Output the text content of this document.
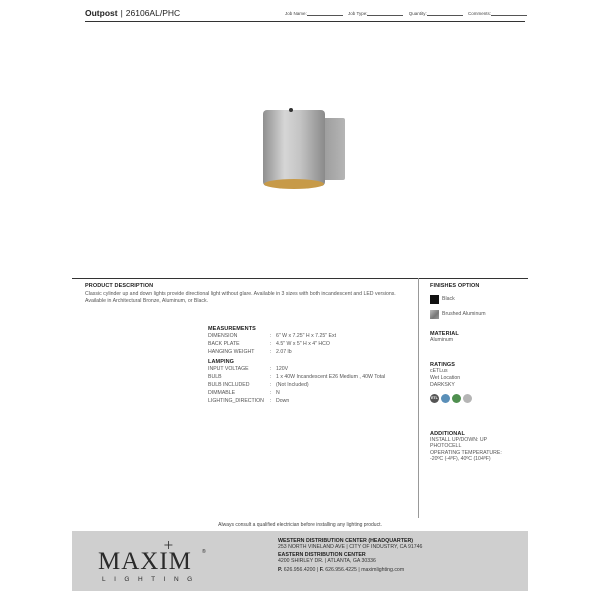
Outpost | 26106AL/PHC	Job Name:	Job Type:	Quantity:	Comments:
PRODUCT DESCRIPTION
Classic cylinder up and down lights provide directional light without glare. Available in 3 sizes with both incandescent and LED versions. Available in Architectural Bronze, Aluminum, or Black.
MEASUREMENTS
DIMENSION	: 6" W x 7.25" H x 7.25" Ext
BACK PLATE	: 4.5" W x 5" H x 4" HCO
HANGING WEIGHT	: 2.07 lb
LAMPING
INPUT VOLTAGE	: 120V
BULB	: 1 x 40W Incandescent E26 Medium , 40W Total
BULB INCLUDED	: (Not Included)
DIMMABLE	: N
LIGHTING_DIRECTION : Down
FINISHES OPTION
Black
Brushed Aluminum
MATERIAL
Aluminum
RATINGS
cETLus
Wet Location
DARKSKY
ETL
ADDITIONAL
INSTALL UP/DOWN: UP
PHOTOCELL
OPERATING TEMPERATURE:
-20ºC (-4ºF), 40ºC (104ºF)
Always consult a qualified electrician before installing any lighting product.
MAXIM ®
LIGHTING
WESTERN DISTRIBUTION CENTER (HEADQUARTER)
253 NORTH VINELAND AVE | CITY OF INDUSTRY, CA 91746
EASTERN DISTRIBUTION CENTER
4200 SHIRLEY DR. | ATLANTA, GA 30336
P. 626.956.4200 | F. 626.956.4225 | maximlighting.com
